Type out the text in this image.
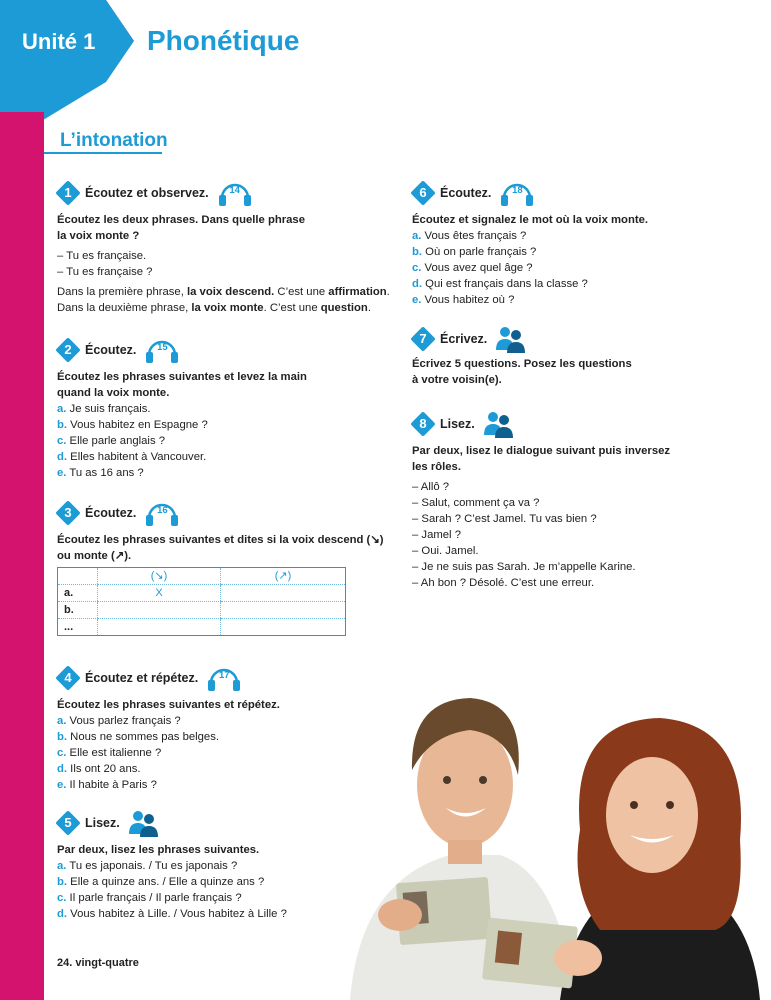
Unité 1 Phonétique
L’intonation
1	Écoutez et observez.	14
Écoutez les deux phrases. Dans quelle phrase
la voix monte ?
– Tu es française.
– Tu es française ?
Dans la première phrase, la voix descend. C’est une affirmation.
Dans la deuxième phrase, la voix monte. C’est une question.
2	Écoutez.	15
Écoutez les phrases suivantes et levez la main
quand la voix monte.
a. Je suis français.
b. Vous habitez en Espagne ?
c. Elle parle anglais ?
d. Elles habitent à Vancouver.
e. Tu as 16 ans ?
3	Écoutez.	16
Écoutez les phrases suivantes et dites si la voix descend (↘)
ou monte (↗).
	(↘)	(↗)
a.	X	
b.		
...		
4	Écoutez et répétez.	17
Écoutez les phrases suivantes et répétez.
a. Vous parlez français ?
b. Nous ne sommes pas belges.
c. Elle est italienne ?
d. Ils ont 20 ans.
e. Il habite à Paris ?
5	Lisez.
Par deux, lisez les phrases suivantes.
a. Tu es japonais. / Tu es japonais ?
b. Elle a quinze ans. / Elle a quinze ans ?
c. Il parle français / Il parle français ?
d. Vous habitez à Lille. / Vous habitez à Lille ?
6	Écoutez.	18
Écoutez et signalez le mot où la voix monte.
a. Vous êtes français ?
b. Où on parle français ?
c. Vous avez quel âge ?
d. Qui est français dans la classe ?
e. Vous habitez où ?
7	Écrivez.
Écrivez 5 questions. Posez les questions
à votre voisin(e).
8	Lisez.
Par deux, lisez le dialogue suivant puis inversez
les rôles.
– Allô ?
– Salut, comment ça va ?
– Sarah ? C’est Jamel. Tu vas bien ?
– Jamel ?
– Oui. Jamel.
– Je ne suis pas Sarah. Je m’appelle Karine.
– Ah bon ? Désolé. C’est une erreur.
24. vingt-quatre
